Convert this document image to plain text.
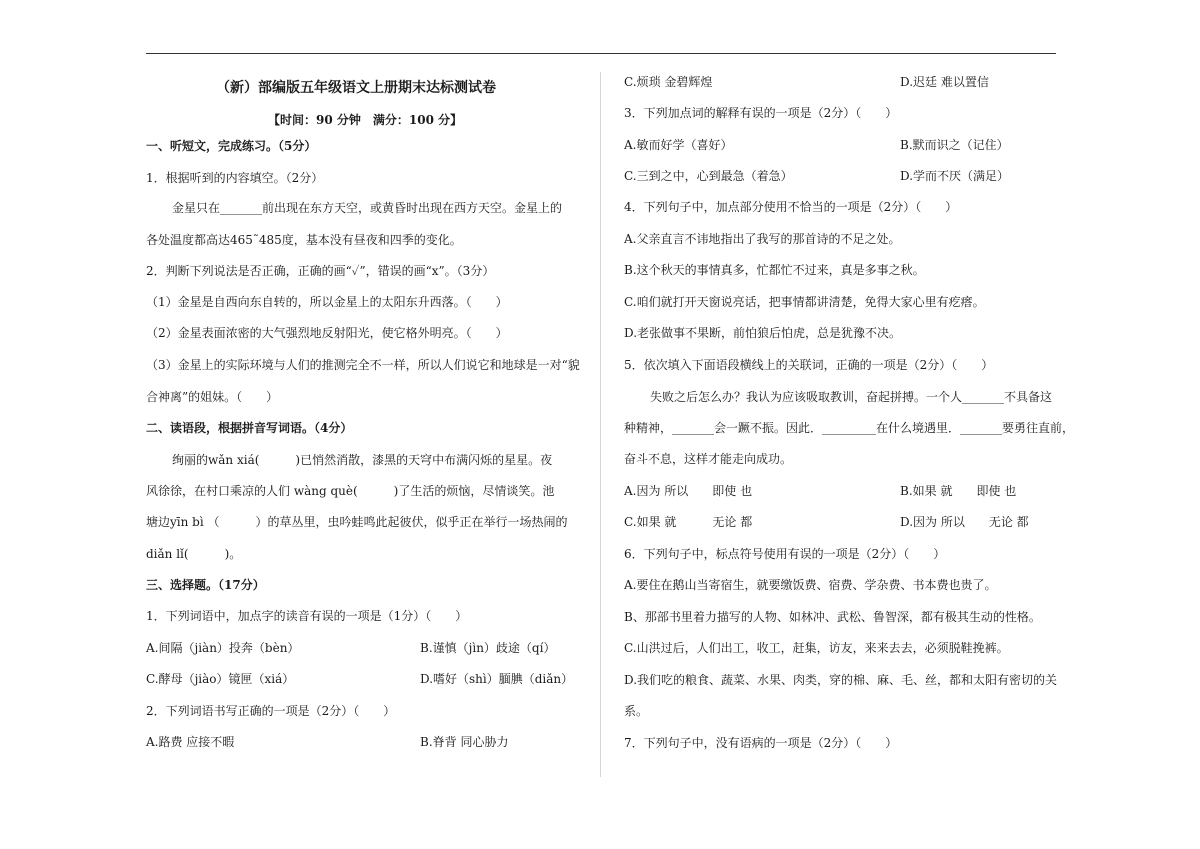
（新）部编版五年级语文上册期末达标测试卷
【时间：90 分钟　满分：100 分】
一、听短文，完成练习。（5分）
1．根据听到的内容填空。（2分）
金星只在_______前出现在东方天空，或黄昏时出现在西方天空。金星上的
各处温度都高达465˜485度，基本没有昼夜和四季的变化。
2．判断下列说法是否正确，正确的画“✓”，错误的画“x”。（3分）
（1）金星是自西向东自转的，所以金星上的太阳东升西落。（　　）
（2）金星表面浓密的大气强烈地反射阳光，使它格外明亮。（　　）
（3）金星上的实际环境与人们的推测完全不一样，所以人们说它和地球是一对“貌
合神离”的姐妹。（　　）
二、读语段，根据拼音写词语。（4分）
绚丽的wǎn xiá(　　　)已悄然消散，漆黑的天穹中布满闪烁的星星。夜
风徐徐，在村口乘凉的人们 wàng què(　　　)了生活的烦恼，尽情谈笑。池
塘边yīn bì （　　　）的草丛里，虫吟蛙鸣此起彼伏，似乎正在举行一场热闹的
diǎn lǐ(　　　)。
三、选择题。（17分）
1．下列词语中，加点字的读音有误的一项是（1分）（　　）
A.间隔（jiàn）投奔（bèn）	B.谨慎（jìn）歧途（qí）
C.酵母（jiào）镜匣（xiá）	D.嗜好（shì）腼腆（diǎn）
2．下列词语书写正确的一项是（2分）（　　）
A.路费 应接不暇	B.脊背 同心胁力
C.烦琐 金碧辉煌	D.迟廷 难以置信
3．下列加点词的解释有误的一项是（2分）（　　）
A.敏而好学（喜好）	B.默而识之（记住）
C.三到之中，心到最急（着急）	D.学而不厌（满足）
4．下列句子中，加点部分使用不恰当的一项是（2分）（　　）
A.父亲直言不讳地指出了我写的那首诗的不足之处。
B.这个秋天的事情真多，忙都忙不过来，真是多事之秋。
C.咱们就打开天窗说亮话，把事情都讲清楚，免得大家心里有疙瘩。
D.老张做事不果断，前怕狼后怕虎，总是犹豫不决。
5．依次填入下面语段横线上的关联词，正确的一项是（2分）（　　）
失败之后怎么办？我认为应该吸取教训，奋起拼搏。一个人_______不具备这
种精神，_______会一蹶不振。因此．_________在什么境遇里．_______要勇往直前，
奋斗不息，这样才能走向成功。
A.因为 所以　　即使 也	B.如果 就　　即使 也
C.如果 就　　　无论 都	D.因为 所以　　无论 都
6．下列句子中，标点符号使用有误的一项是（2分）（　　）
A.要住在鹅山当寄宿生，就要缴饭费、宿费、学杂费、书本费也贵了。
B、那部书里着力描写的人物、如林冲、武松、鲁智深，都有极其生动的性格。
C.山洪过后，人们出工，收工，赶集，访友，来来去去，必须脱鞋挽裤。
D.我们吃的粮食、蔬菜、水果、肉类，穿的棉、麻、毛、丝，都和太阳有密切的关
系。
7．下列句子中，没有语病的一项是（2分）（　　）
